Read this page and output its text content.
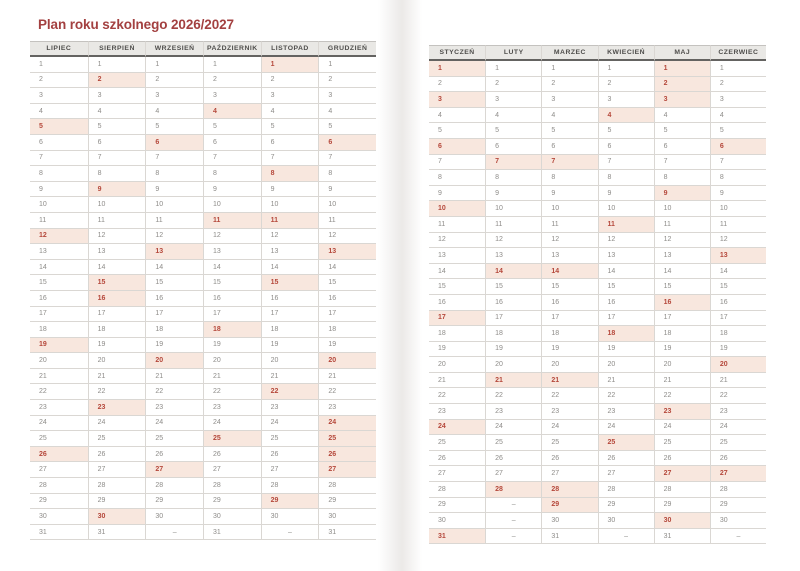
Plan roku szkolnego 2026/2027
LIPIEC	SIERPIEŃ	WRZESIEŃ	PAŹDZIERNIK	LISTOPAD	GRUDZIEŃ
1	1	1	1	1	1
2	2	2	2	2	2
3	3	3	3	3	3
4	4	4	4	4	4
5	5	5	5	5	5
6	6	6	6	6	6
7	7	7	7	7	7
8	8	8	8	8	8
9	9	9	9	9	9
10	10	10	10	10	10
11	11	11	11	11	11
12	12	12	12	12	12
13	13	13	13	13	13
14	14	14	14	14	14
15	15	15	15	15	15
16	16	16	16	16	16
17	17	17	17	17	17
18	18	18	18	18	18
19	19	19	19	19	19
20	20	20	20	20	20
21	21	21	21	21	21
22	22	22	22	22	22
23	23	23	23	23	23
24	24	24	24	24	24
25	25	25	25	25	25
26	26	26	26	26	26
27	27	27	27	27	27
28	28	28	28	28	28
29	29	29	29	29	29
30	30	30	30	30	30
31	31	–	31	–	31
STYCZEŃ	LUTY	MARZEC	KWIECIEŃ	MAJ	CZERWIEC
1	1	1	1	1	1
2	2	2	2	2	2
3	3	3	3	3	3
4	4	4	4	4	4
5	5	5	5	5	5
6	6	6	6	6	6
7	7	7	7	7	7
8	8	8	8	8	8
9	9	9	9	9	9
10	10	10	10	10	10
11	11	11	11	11	11
12	12	12	12	12	12
13	13	13	13	13	13
14	14	14	14	14	14
15	15	15	15	15	15
16	16	16	16	16	16
17	17	17	17	17	17
18	18	18	18	18	18
19	19	19	19	19	19
20	20	20	20	20	20
21	21	21	21	21	21
22	22	22	22	22	22
23	23	23	23	23	23
24	24	24	24	24	24
25	25	25	25	25	25
26	26	26	26	26	26
27	27	27	27	27	27
28	28	28	28	28	28
29	–	29	29	29	29
30	–	30	30	30	30
31	–	31	–	31	–
